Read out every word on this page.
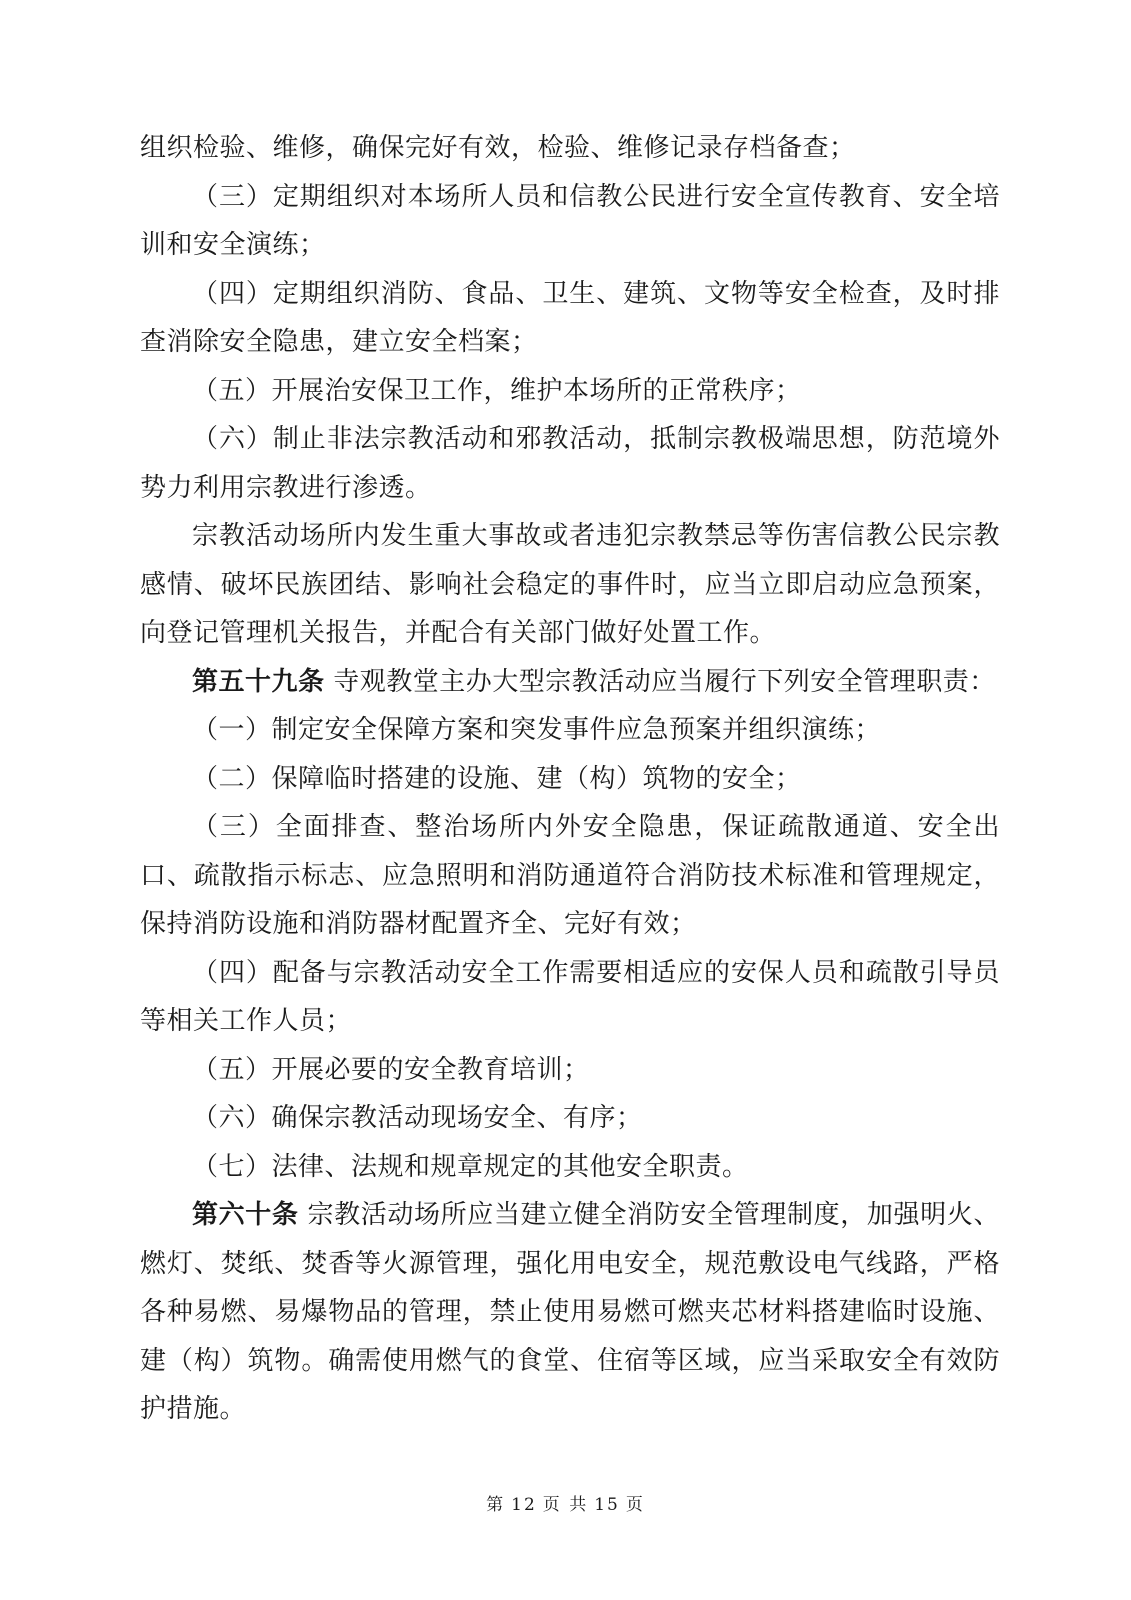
组织检验、维修，确保完好有效，检验、维修记录存档备查；

（三）定期组织对本场所人员和信教公民进行安全宣传教育、安全培训和安全演练；

（四）定期组织消防、食品、卫生、建筑、文物等安全检查，及时排查消除安全隐患，建立安全档案；

（五）开展治安保卫工作，维护本场所的正常秩序；

（六）制止非法宗教活动和邪教活动，抵制宗教极端思想，防范境外势力利用宗教进行渗透。

宗教活动场所内发生重大事故或者违犯宗教禁忌等伤害信教公民宗教感情、破坏民族团结、影响社会稳定的事件时，应当立即启动应急预案，向登记管理机关报告，并配合有关部门做好处置工作。

第五十九条 寺观教堂主办大型宗教活动应当履行下列安全管理职责：

（一）制定安全保障方案和突发事件应急预案并组织演练；

（二）保障临时搭建的设施、建（构）筑物的安全；

（三）全面排查、整治场所内外安全隐患，保证疏散通道、安全出口、疏散指示标志、应急照明和消防通道符合消防技术标准和管理规定，保持消防设施和消防器材配置齐全、完好有效；

（四）配备与宗教活动安全工作需要相适应的安保人员和疏散引导员等相关工作人员；

（五）开展必要的安全教育培训；

（六）确保宗教活动现场安全、有序；

（七）法律、法规和规章规定的其他安全职责。

第六十条 宗教活动场所应当建立健全消防安全管理制度，加强明火、燃灯、焚纸、焚香等火源管理，强化用电安全，规范敷设电气线路，严格各种易燃、易爆物品的管理，禁止使用易燃可燃夹芯材料搭建临时设施、建（构）筑物。确需使用燃气的食堂、住宿等区域，应当采取安全有效防护措施。

第 12 页 共 15 页
